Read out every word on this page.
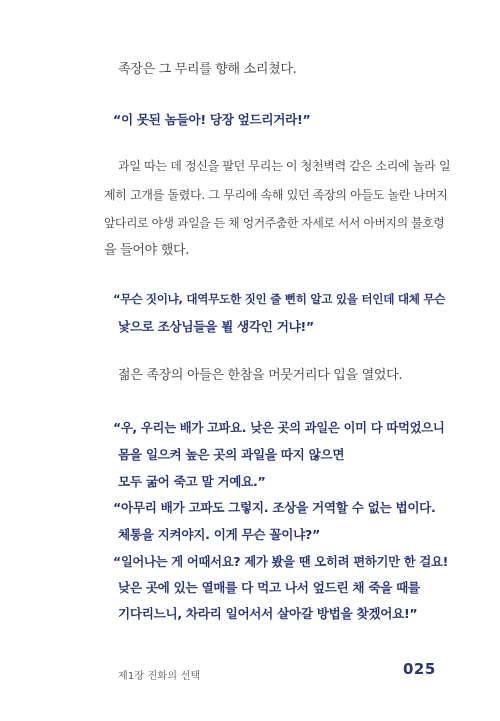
족장은 그 무리를 향해 소리쳤다.
“이 못된 놈들아! 당장 엎드리거라!”
과일 따는 데 정신을 팔던 무리는 이 청천벽력 같은 소리에 놀라 일
제히 고개를 돌렸다. 그 무리에 속해 있던 족장의 아들도 놀란 나머지
앞다리로 야생 과일을 든 채 엉거주춤한 자세로 서서 아버지의 불호령
을 들어야 했다.
“무슨 짓이냐, 대역무도한 짓인 줄 뻔히 알고 있을 터인데 대체 무슨
낯으로 조상님들을 뵐 생각인 거냐!”
젊은 족장의 아들은 한참을 머뭇거리다 입을 열었다.
“우, 우리는 배가 고파요. 낮은 곳의 과일은 이미 다 따먹었으니
몸을 일으켜 높은 곳의 과일을 따지 않으면
모두 굶어 죽고 말 거예요.”
“아무리 배가 고파도 그렇지. 조상을 거역할 수 없는 법이다.
체통을 지켜야지. 이게 무슨 꼴이냐?”
“일어나는 게 어때서요? 제가 봤을 땐 오히려 편하기만 한 걸요!
낮은 곳에 있는 열매를 다 먹고 나서 엎드린 채 죽을 때를
기다리느니, 차라리 일어서서 살아갈 방법을 찾겠어요!”
제1장 진화의 선택	025
